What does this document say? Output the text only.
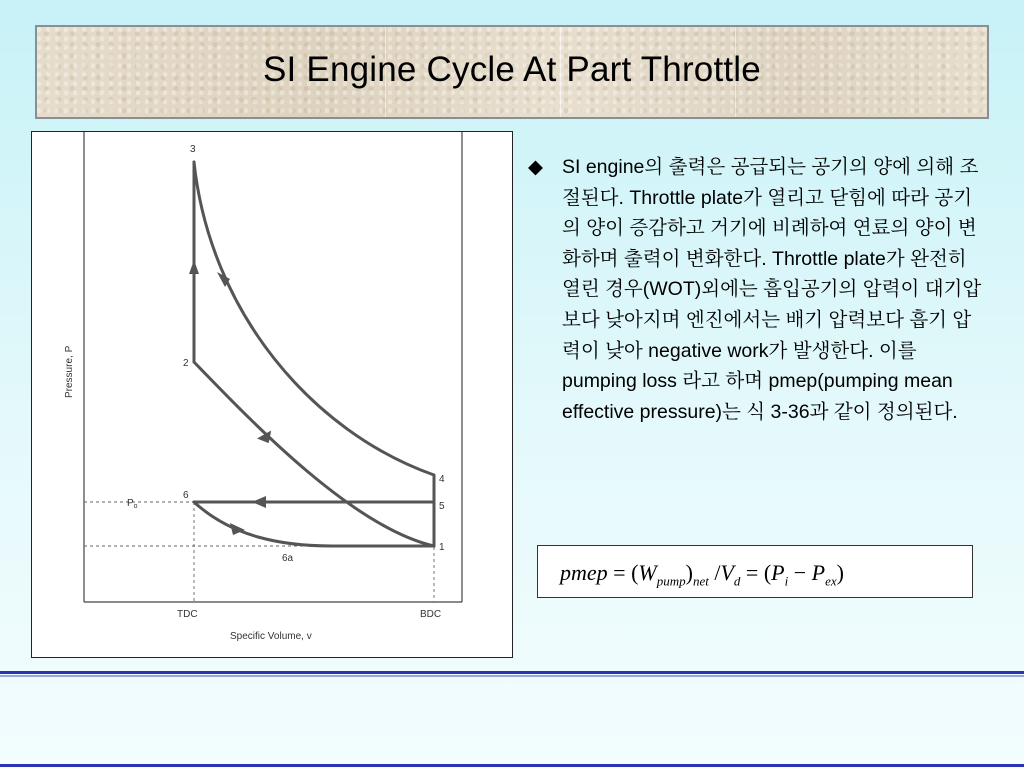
SI Engine Cycle At Part Throttle
3
2
4
5
6
1
6a
$P_o$
TDC	BDC
Specific Volume, v
Pressure, P
◆ SI engine의 출력은 공급되는 공기의 양에 의해 조절된다. Throttle plate가 열리고 닫힘에 따라 공기의 양이 증감하고 거기에 비례하여 연료의 양이 변화하며 출력이 변화한다. Throttle plate가 완전히 열린 경우(WOT)외에는 흡입공기의 압력이 대기압보다 낮아지며 엔진에서는 배기 압력보다 흡기 압력이 낮아 negative work가 발생한다. 이를 pumping loss 라고 하며 pmep(pumping mean effective pressure)는 식 3-36과 같이 정의된다.
pmep = $(W_{pump})_{net}$ $/V_d = (P_i - P_{ex})$
